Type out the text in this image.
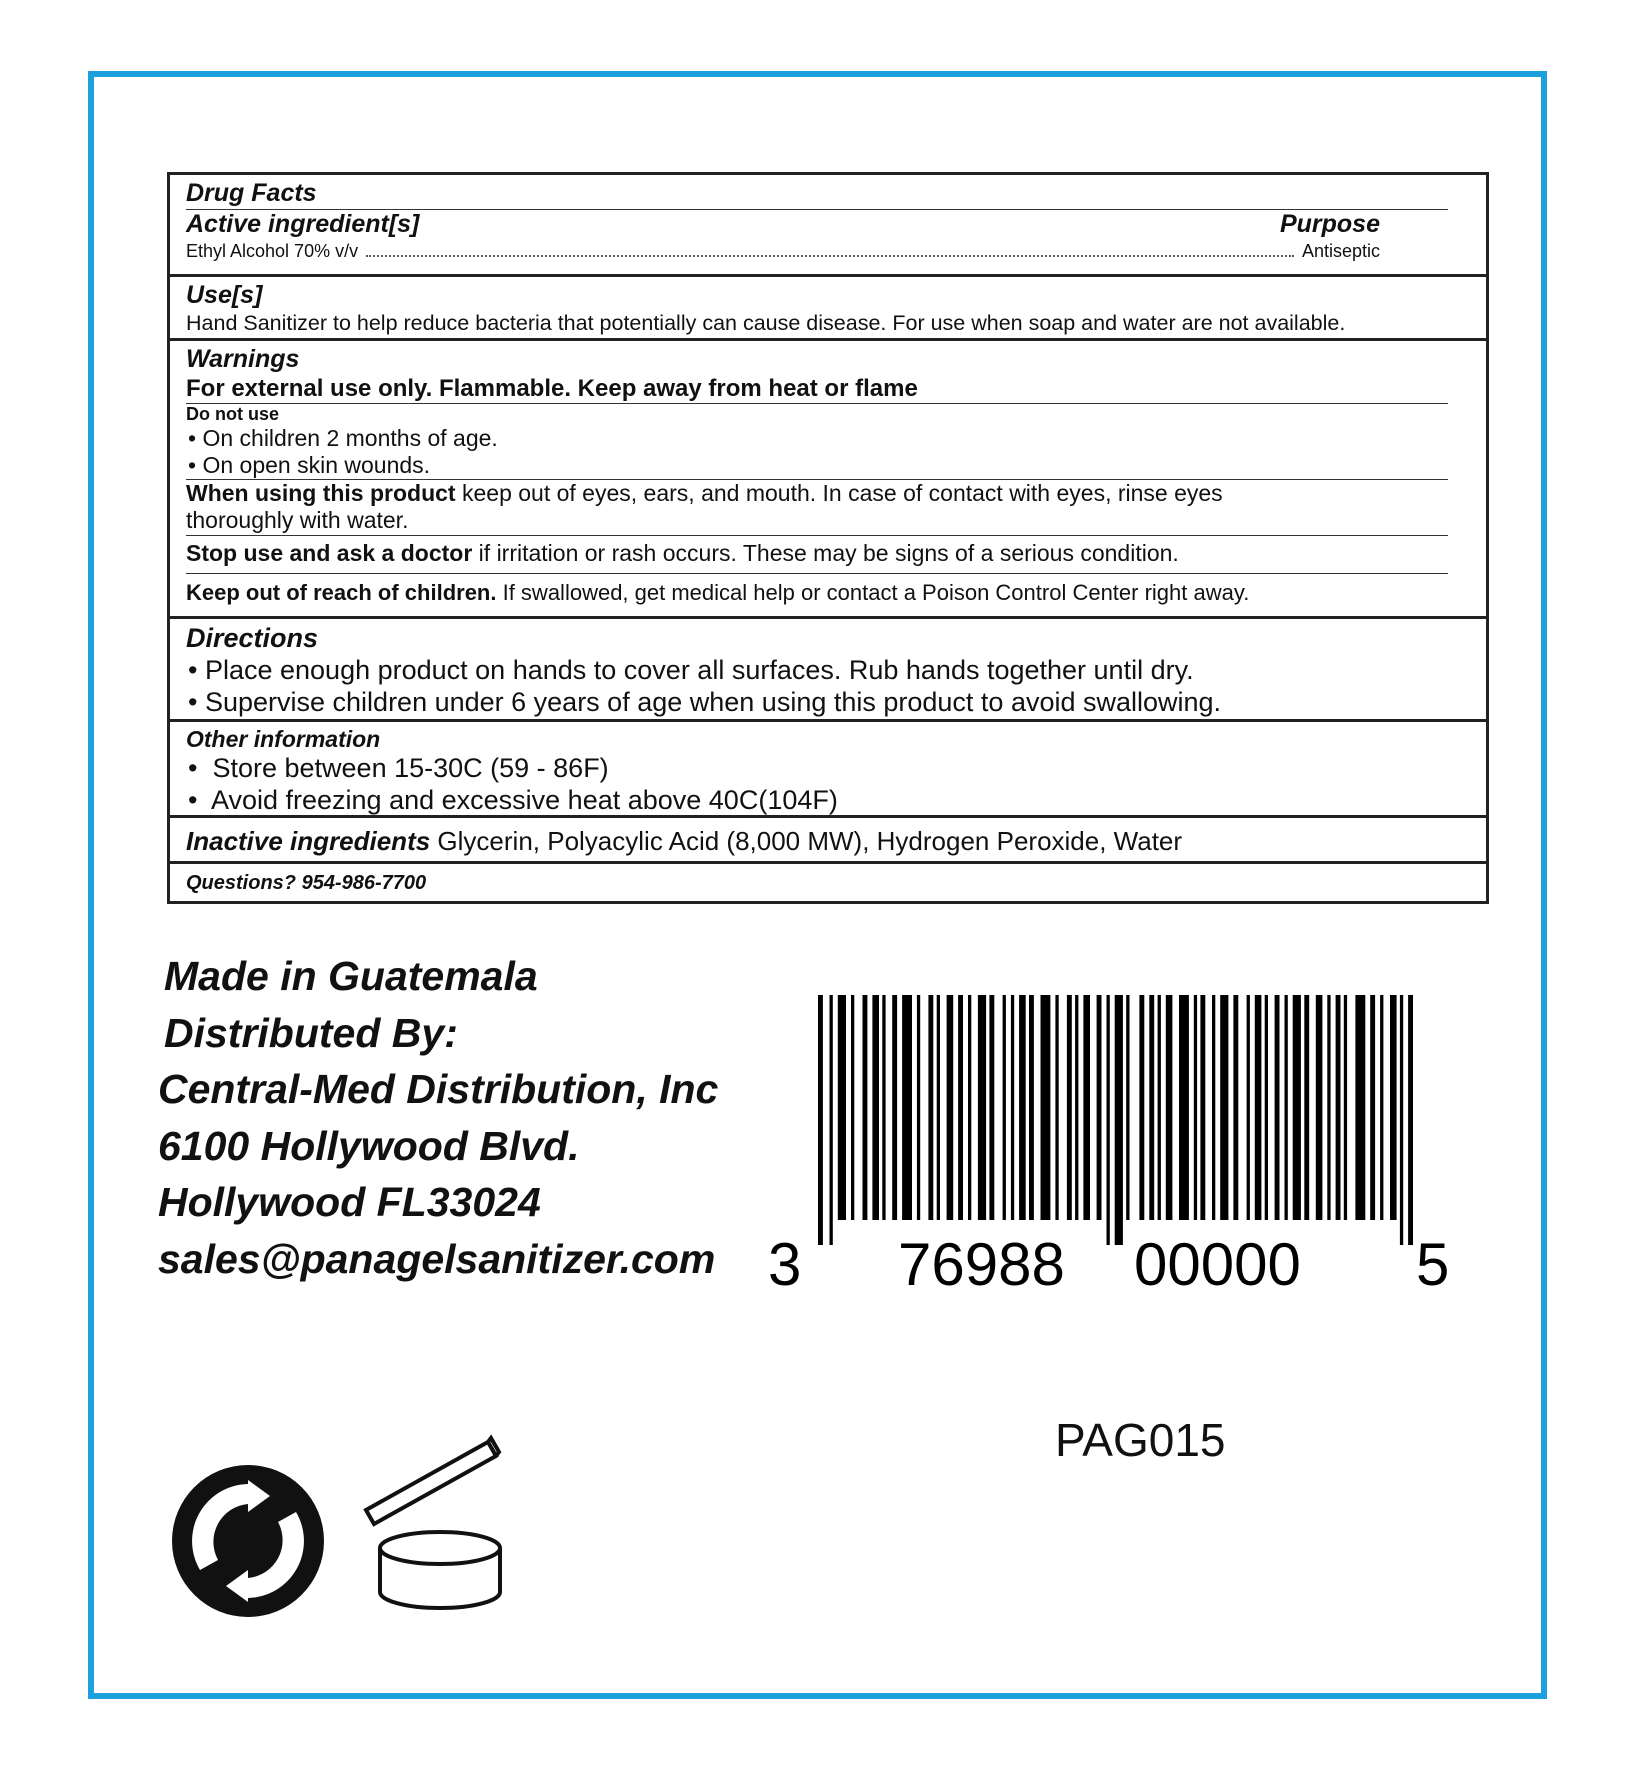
Drug Facts
Active ingredient[s]	Purpose
Ethyl Alcohol 70% v/v	Antiseptic
Use[s]
Hand Sanitizer to help reduce bacteria that potentially can cause disease. For use when soap and water are not available.
Warnings
For external use only. Flammable. Keep away from heat or flame
Do not use
• On children 2 months of age.
• On open skin wounds.
When using this product keep out of eyes, ears, and mouth. In case of contact with eyes, rinse eyes thoroughly with water.
Stop use and ask a doctor if irritation or rash occurs. These may be signs of a serious condition.
Keep out of reach of children. If swallowed, get medical help or contact a Poison Control Center right away.
Directions
• Place enough product on hands to cover all surfaces. Rub hands together until dry.
• Supervise children under 6 years of age when using this product to avoid swallowing.
Other information
•  Store between 15-30C (59 - 86F)
•  Avoid freezing and excessive heat above 40C(104F)
Inactive ingredients Glycerin, Polyacylic Acid (8,000 MW), Hydrogen Peroxide, Water
Questions? 954-986-7700
Made in Guatemala
Distributed By:
Central-Med Distribution, Inc
6100 Hollywood Blvd.
Hollywood FL33024
sales@panagelsanitizer.com 3 76988 00000 5
PAG015
